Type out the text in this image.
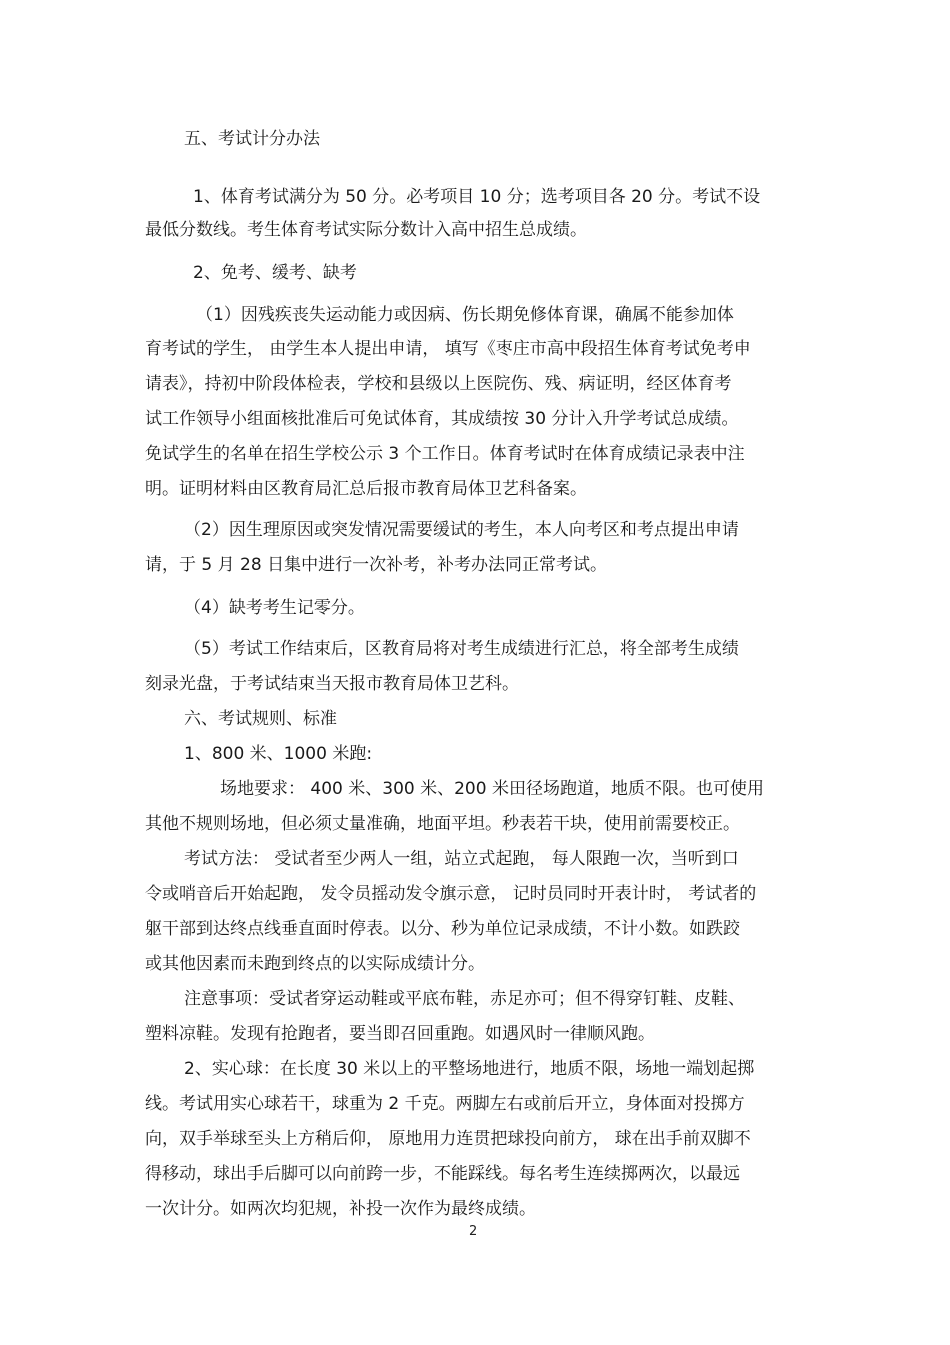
五、考试计分办法
1、体育考试满分为 50 分。必考项目 10 分；选考项目各 20 分。考试不设
最低分数线。考生体育考试实际分数计入高中招生总成绩。
2、免考、缓考、缺考
（1）因残疾丧失运动能力或因病、伤长期免修体育课，确属不能参加体
育考试的学生， 由学生本人提出申请， 填写《枣庄市高中段招生体育考试免考申
请表》，持初中阶段体检表，学校和县级以上医院伤、残、病证明，经区体育考
试工作领导小组面核批准后可免试体育，其成绩按 30 分计入升学考试总成绩。
免试学生的名单在招生学校公示 3 个工作日。体育考试时在体育成绩记录表中注
明。证明材料由区教育局汇总后报市教育局体卫艺科备案。
（2）因生理原因或突发情况需要缓试的考生，本人向考区和考点提出申请
请，于 5 月 28 日集中进行一次补考，补考办法同正常考试。
（4）缺考考生记零分。
（5）考试工作结束后，区教育局将对考生成绩进行汇总，将全部考生成绩
刻录光盘，于考试结束当天报市教育局体卫艺科。
六、考试规则、标准
1、800 米、1000 米跑:
场地要求： 400 米、300 米、200 米田径场跑道，地质不限。也可使用
其他不规则场地，但必须丈量准确，地面平坦。秒表若干块，使用前需要校正。
考试方法： 受试者至少两人一组，站立式起跑， 每人限跑一次，当听到口
令或哨音后开始起跑， 发令员摇动发令旗示意， 记时员同时开表计时， 考试者的
躯干部到达终点线垂直面时停表。以分、秒为单位记录成绩，不计小数。如跌跤
或其他因素而未跑到终点的以实际成绩计分。
注意事项：受试者穿运动鞋或平底布鞋，赤足亦可；但不得穿钉鞋、皮鞋、
塑料凉鞋。发现有抢跑者，要当即召回重跑。如遇风时一律顺风跑。
2、实心球：在长度 30 米以上的平整场地进行，地质不限，场地一端划起掷
线。考试用实心球若干，球重为 2 千克。两脚左右或前后开立，身体面对投掷方
向，双手举球至头上方稍后仰， 原地用力连贯把球投向前方， 球在出手前双脚不
得移动，球出手后脚可以向前跨一步，不能踩线。每名考生连续掷两次，以最远
一次计分。如两次均犯规，补投一次作为最终成绩。
2
